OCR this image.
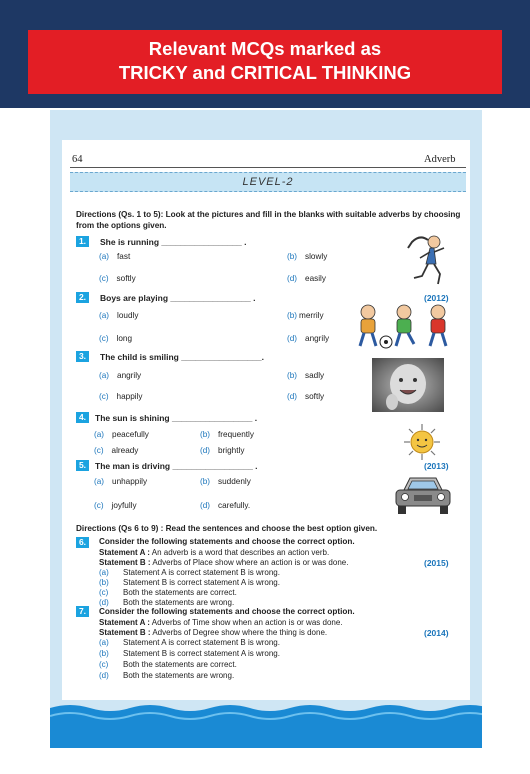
Relevant MCQs marked as
TRICKY and CRITICAL THINKING
64	Adverb
LEVEL-2
Directions (Qs. 1 to 5): Look at the pictures and fill in the blanks with suitable adverbs by choosing from the options given.
1.	She is running _________________ .
(a) fast	(b) slowly
(c) softly	(d) easily
2.	Boys are playing _________________ .	(2012)
(a) loudly	(b) merrily
(c) long	(d) angrily
3.	The child is smiling _________________.
(a) angrily	(b) sadly
(c) happily	(d) softly
4.	The sun is shining _________________ .
(a) peacefully	(b) frequently
(c) already	(d) brightly
5.	The man is driving _________________ .	(2013)
(a) unhappily	(b) suddenly
(c) joyfully	(d) carefully.
Directions (Qs 6 to 9) : Read the sentences and choose the best option given.
6.	Consider the following statements and choose the correct option.
Statement A : An adverb is a word that describes an action verb.
Statement B : Adverbs of Place show where an action is or was done.	(2015)
(a) Statement A is correct statement B is wrong.
(b) Statement B is correct statement A is wrong.
(c) Both the statements are correct.
(d) Both the statements are wrong.
7.	Consider the following statements and choose the correct option.
Statement A : Adverbs of Time show when an action is or was done.
Statement B : Adverbs of Degree show where the thing is done.	(2014)
(a) Statement A is correct statement B is wrong.
(b) Statement B is correct statement A is wrong.
(c) Both the statements are correct.
(d) Both the statements are wrong.
